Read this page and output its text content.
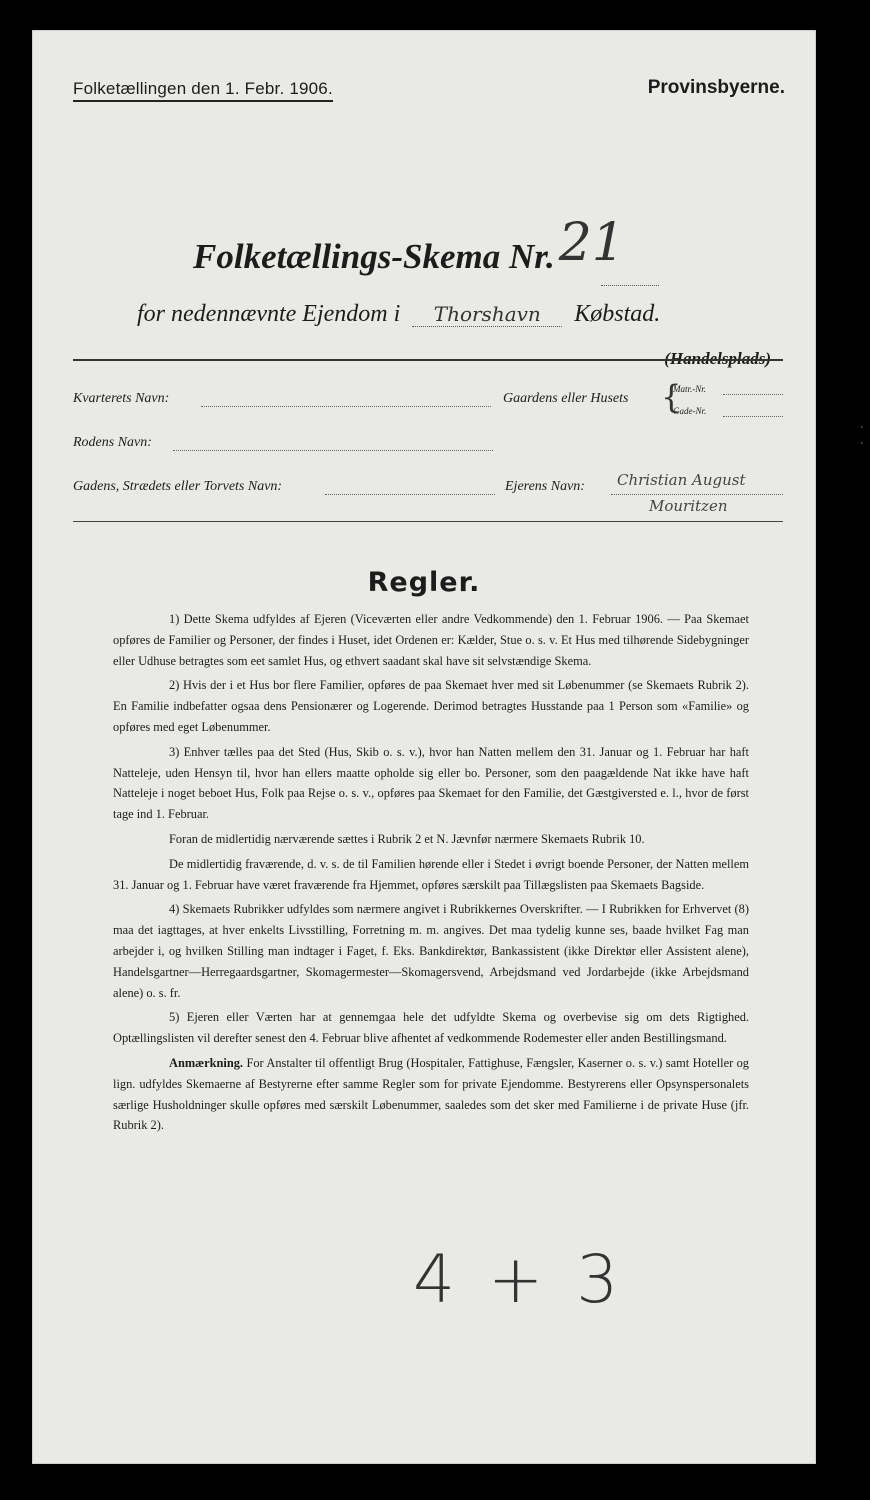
Folketællingen den 1. Febr. 1906.	Provinsbyerne.
Folketællings-Skema Nr.21
for nedennævnte Ejendom i Thorshavn Købstad.
(Handelsplads)
Kvarterets Navn:	Gaardens eller Husets {
Matr.-Nr.
Gade-Nr.
Rodens Navn:
Gadens, Strædets eller Torvets Navn:	Ejerens Navn: Christian August
Mouritzen
Regler.

1) Dette Skema udfyldes af Ejeren (Viceværten eller andre Vedkommende) den 1. Februar 1906. — Paa Skemaet opføres de Familier og Personer, der findes i Huset, idet Ordenen er: Kælder, Stue o. s. v. Et Hus med tilhørende Sidebygninger eller Udhuse betragtes som eet samlet Hus, og ethvert saadant skal have sit selvstændige Skema.

2) Hvis der i et Hus bor flere Familier, opføres de paa Skemaet hver med sit Løbenummer (se Skemaets Rubrik 2). En Familie indbefatter ogsaa dens Pensionærer og Logerende. Derimod betragtes Husstande paa 1 Person som «Familie» og opføres med eget Løbenummer.

3) Enhver tælles paa det Sted (Hus, Skib o. s. v.), hvor han Natten mellem den 31. Januar og 1. Februar har haft Natteleje, uden Hensyn til, hvor han ellers maatte opholde sig eller bo. Personer, som den paagældende Nat ikke have haft Natteleje i noget beboet Hus, Folk paa Rejse o. s. v., opføres paa Skemaet for den Familie, det Gæstgiversted e. l., hvor de først tage ind 1. Februar.

Foran de midlertidig nærværende sættes i Rubrik 2 et N. Jævnfør nærmere Skemaets Rubrik 10.

De midlertidig fraværende, d. v. s. de til Familien hørende eller i Stedet i øvrigt boende Personer, der Natten mellem 31. Januar og 1. Februar have været fraværende fra Hjemmet, opføres særskilt paa Tillægslisten paa Skemaets Bagside.

4) Skemaets Rubrikker udfyldes som nærmere angivet i Rubrikkernes Overskrifter. — I Rubrikken for Erhvervet (8) maa det iagttages, at hver enkelts Livsstilling, Forretning m. m. angives. Det maa tydelig kunne ses, baade hvilket Fag man arbejder i, og hvilken Stilling man indtager i Faget, f. Eks. Bankdirektør, Bankassistent (ikke Direktør eller Assistent alene), Handelsgartner—Herregaardsgartner, Skomagermester—Skomagersvend, Arbejdsmand ved Jordarbejde (ikke Arbejdsmand alene) o. s. fr.

5) Ejeren eller Værten har at gennemgaa hele det udfyldte Skema og overbevise sig om dets Rigtighed. Optællingslisten vil derefter senest den 4. Februar blive afhentet af vedkommende Rodemester eller anden Bestillingsmand.

Anmærkning. For Anstalter til offentligt Brug (Hospitaler, Fattighuse, Fængsler, Kaserner o. s. v.) samt Hoteller og lign. udfyldes Skemaerne af Bestyrerne efter samme Regler som for private Ejendomme. Bestyrerens eller Opsynspersonalets særlige Husholdninger skulle opføres med særskilt Løbenummer, saaledes som det sker med Familierne i de private Huse (jfr. Rubrik 2).

4 + 3
·
·
